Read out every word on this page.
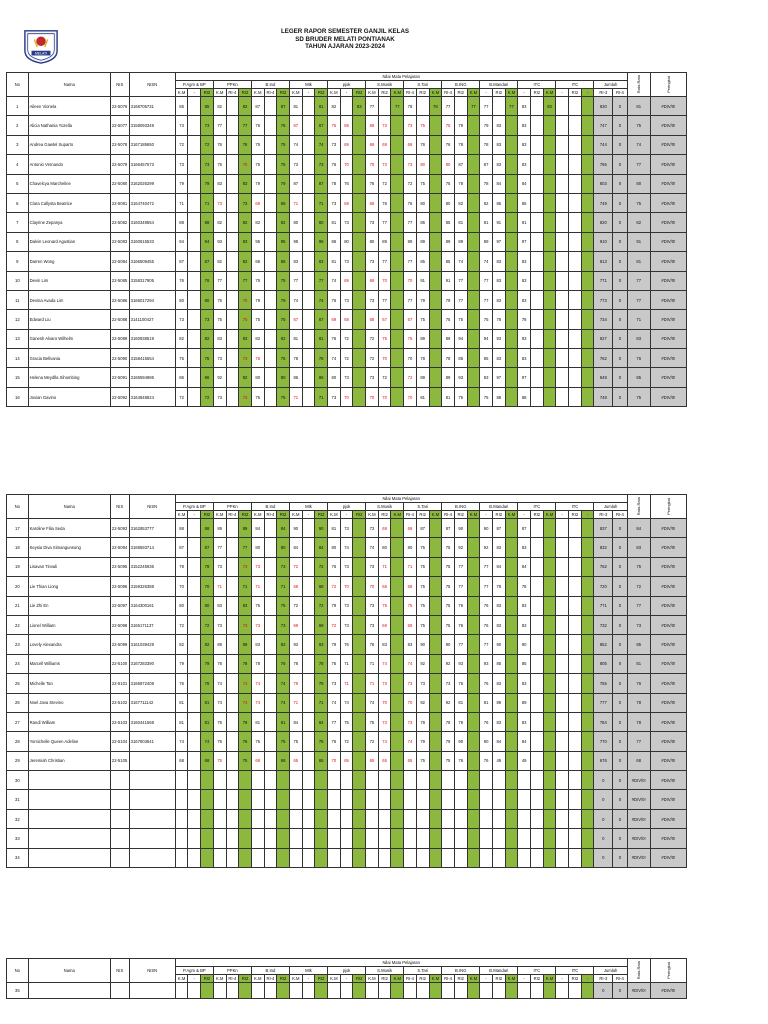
MELATI
LEGER RAPOR SEMESTER GANJIL KELAS
SD BRUDER MELATI PONTIANAK
TAHUN AJARAN 2023-2024
No	Nama	NIS	NISN	Nilai Mata Pelajaran																																			Rata-Rata	Peringkat
				P.Agm & BP			PPKn			B.Ind			Mtk			pjok			S.Musik			S.Tari			B.ING			B.Mandari			ITC			ITC			Jumlah			
				K.M	-	RI2	K.M	RI-4	RI2	K.M	RI-4	RI2	K.M	-	RI2	K.M	-	RI2	K.M	RI2	K.M	RI-4	RI2	K.M	RI-4	RI2	K.M	-	RI2	K.M	-	RI2	K.M	-	RI2	-	RI-3	RI-4		
1	Aileen Vionela	22-5076	3168705731	85		85	82		82	87		87	81		81	82		83	77		77	78		78	77		77	77		77	83		83				830	0	81	#DIV/0!
2	Alicia Nathania Yozella	22-5077	3158093349	73		73	77		77	76		76	67		67	75	69		69	73		73	75		75	79		79	83		83						747	0	75	#DIV/0!
3	Andrea Gawtel Suparto	22-5078	3167185650	72		72	76		76	75		75	74		74	73	69		69	69		69	76		76	78		78	83		83						744	0	74	#DIV/0!
4	Antonio Vernando	22-5079	3166457573	73		73	75		75	75		75	73		73	76	70		70	73		73	80		80	87		87	83		83						765	0	77	#DIV/0!
5	Chavelcya Marcheline	22-5080	3162026299	79		79	83		83	79		79	87		87	78	76		76	72		72	75		75	78		78	84		84						803	0	80	#DIV/0!
6	Clara Callysta Beatrice	22-5081	3164740472	71		71	73		73	69		69	71		71	73	69		69	76		76	80		80	82		82	85		85						749	0	75	#DIV/0!
7	Clayrine Zepanya	22-5082	3160349554	88		88	82		82	82		82	80		80	81	73		73	77		77	85		85	81		81	91		91						820	0	82	#DIV/0!
8	Dalvin Leonard Agustian	22-5083	3160615533	94		94	93		93	95		95	98		98	86	80		80	89		89	89		89	89		89	97		97						910	0	91	#DIV/0!
9	Darren Wong	22-5084	3166509455	87		87	82		82	86		86	83		83	81	73		73	77		77	85		85	74		74	83		83						813	0	81	#DIV/0!
10	Devin Lim	22-5085	3158317905	76		76	77		77	75		75	77		77	74	69		69	70		70	91		91	77		77	83		83						771	0	77	#DIV/0!
11	Devina Avada Lim	22-5086	3166017294	80		80	75		75	79		79	74		74	76	73		73	77		77	79		79	77		77	83		83						773	0	77	#DIV/0!
12	Edward Liu	22-5088	3141100427	73		73	75		75	75		75	67		67	69	68		68	67		67	75		75	75		75	78		78						734	0	71	#DIV/0!
13	Ganesh Alvaro Wilhelm	22-5089	3160938519	82		82	83		83	82		82	81		81	76	72		72	75		75	89		89	94		94	93		93						827	0	83	#DIV/0!
14	Gracia Bellvania	22-5090	3158415554	75		75	73		73	76		76	78		78	74	72		72	70		70	78		78	85		85	83		83						762	0	76	#DIV/0!
15	Helena Meydlla Sihombing	22-5091	3166594986	86		86	92		92	80		80	86		86	80	73		73	72		72	89		89	93		93	97		97						848	0	85	#DIV/0!
16	Jovian Gavino	22-5092	3164848824	72		72	73		73	75		75	71		71	73	70		70	70		70	81		81	75		75	88		88						748	0	75	#DIV/0!
No	Nama	NIS	NISN	Nilai Mata Pelajaran																																			Rata-Rata	Peringkat
				P.Agm & BP			PPKn			B.Ind			Mtk			pjok			S.Musik			S.Tari			B.ING			B.Mandari			ITC			ITC			Jumlah			
				K.M	-	RI2	K.M	RI-4	RI2	K.M	RI-4	RI2	K.M	-	RI2	K.M	-	RI2	K.M	RI2	K.M	RI-4	RI2	K.M	RI-4	RI2	K.M	-	RI2	K.M	-	RI2	K.M	-	RI2	-	RI-3	RI-4		
17	Karoline Filia Seda	22-5093	3162853777	88		88	89		89	84		84	90		90	81	73		73	69		69	87		87	90		90	87		87						837	0	84	#DIV/0!
18	Keysia Diva Simangunsong	22-5094	3168593714	87		87	77		77	80		80	84		84	80	74		74	80		80	75		75	92		92	83		83						832	0	83	#DIV/0!
19	Lisavan Tinvali	22-5095	3152245936	78		78	73		73	73		73	72		72	76	73		73	71		71	75		75	77		77	84		84						752	0	75	#DIV/0!
20	Lie Thian Liong	22-5096	3159326388	70		70	71		71	71		71	68		68	72	70		70	68		68	75		75	77		77	78		78						720	0	72	#DIV/0!
21	Lie Zhi En	22-5097	3164300161	80		80	83		83	75		75	72		72	79	73		73	75		75	75		75	76		76	83		83						771	0	77	#DIV/0!
22	Lionel William	22-5098	3166171137	72		72	73		73	73		73	69		69	72	73		73	69		69	75		75	76		76	83		83						732	0	73	#DIV/0!
23	Lovely Alexandra	22-5099	3161039429	82		82	89		89	83		83	93		93	79	76		76	83		83	90		90	77		77	90		90						852	0	85	#DIV/0!
24	Marcell Williams	22-5100	3167283390	79		79	78		78	78		78	78		78	76	71		71	74		74	92		92	93		93	85		85						805	0	81	#DIV/0!
25	Michelle Tan	22-5101	3166872408	76		76	74		74	74		74	79		79	73	71		71	73		73	73		73	76		76	83		83						755	0	76	#DIV/0!
26	Noel Java Stevino	22-5102	3167711142	81		81	74		74	74		74	71		71	74	74		74	70		70	92		92	81		81	89		89						777	0	78	#DIV/0!
27	Randi William	22-5103	3160441568	81		81	76		76	81		81	84		84	77	75		75	73		73	78		78	76		76	83		83						784	0	78	#DIV/0!
28	Yomichelle Queen Adeline	22-5104	3167803641	74		74	76		76	75		75	75		75	76	72		72	74		74	79		79	90		90	84		84						770	0	77	#DIV/0!
29	Jeremiah Christian	22-5105		68		68	75		75	68		68	65		65	70	65		65	65		65	75		75	76		76	49		49						676	0	68	#DIV/0!
30																																					0	0	#DIV/0!	#DIV/0!
31																																					0	0	#DIV/0!	#DIV/0!
32																																					0	0	#DIV/0!	#DIV/0!
33																																					0	0	#DIV/0!	#DIV/0!
34																																					0	0	#DIV/0!	#DIV/0!
No	Nama	NIS	NISN	Nilai Mata Pelajaran																																			Rata-Rata	Peringkat
				P.Agm & BP			PPKn			B.Ind			Mtk			pjok			S.Musik			S.Tari			B.ING			B.Mandari			ITC			ITC			Jumlah			
				K.M	-	RI2	K.M	RI-4	RI2	K.M	RI-4	RI2	K.M	-	RI2	K.M	-	RI2	K.M	RI2	K.M	RI-4	RI2	K.M	RI-4	RI2	K.M	-	RI2	K.M	-	RI2	K.M	-	RI2	-	RI-3	RI-4		
35																																					0	0	#DIV/0!	#DIV/0!
